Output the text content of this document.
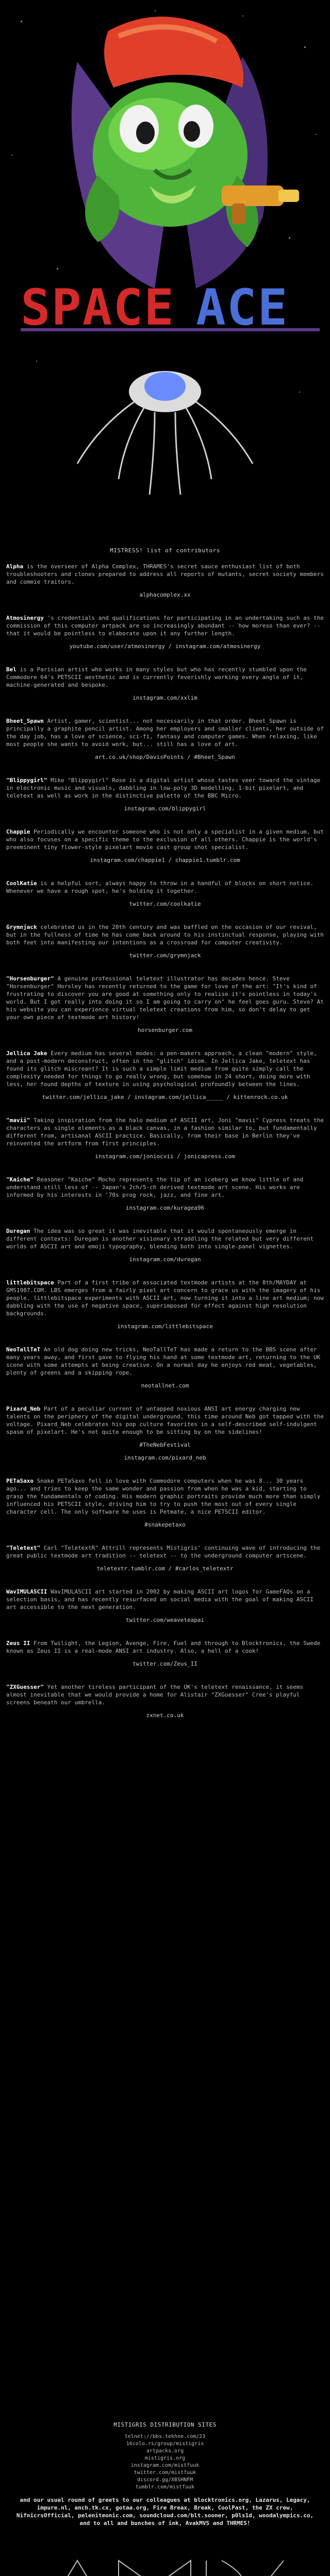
SPACE ACE
MISTRESS! list of contributors

Alpha is the overseer of Alpha Complex, THRAMES's secret sauce enthusiast list of both troubleshooters and clones prepared to address all reports of mutants, secret society members and commie traitors.

alphacomplex.xx

Atmosinergy 's credentials and qualifications for participating in an undertaking such as the commission of this computer artpack are so increasingly abundant -- how moreso than ever? -- that it would be pointless to elaborate upon it any further length.

youtube.com/user/atmosinergy / instagram.com/atmosinergy

Bel is a Parisian artist who works in many styles but who has recently stumbled upon the Commodore 64's PETSCII aesthetic and is currently feverishly working every angle of it, machine-generated and bespoke.

instagram.com/xxlim

Bheet_Spawn Artist, gamer, scientist... not necessarily in that order. Bheet_Spawn is principally a graphite pencil artist. Among her employers and smaller clients, her outside of the day job, has a love of science, sci-fi, fantasy and computer games. When relaxing, like most people she wants to avoid work, but... still has a love of art.

art.co.uk/shop/DavisPoints / #Bheet_Spawn

"Blippygirl" Mike "Blippygirl" Rose is a digital artist whose tastes veer toward the vintage in electronic music and visuals, dabbling in low-poly 3D modelling, 1-bit pixelart, and teletext as well as work in the distinctive palette of the BBC Micro.

instagram.com/blippygirl

Chappie Periodically we encounter someone who is not only a specialist in a given medium, but who also focuses on a specific theme to the exclusion of all others. Chappie is the world's preeminent tiny flower-style pixelart movie cast group shot specialist.

instagram.com/chappie1 / chappie1.tumblr.com

CoolKatie is a helpful sort, always happy to throw in a handful of blocks on short notice. Whenever we have a rough spot, he's holding it together.

twitter.com/coolkatie

Grymnjack celebrated us in the 20th century and was baffled on the occasion of our revival, but in the fullness of time he has come back around to his instinctual response, playing with both feet into manifesting our intentions as a crossroad for computer creativity.

twitter.com/grymnjack

"Horsenburger" A genuine professional teletext illustrator has decades hence. Steve "Horsenburger" Horsley has recently returned to the game for love of the art: "It's kind of frustrating to discover you are good at something only to realise it's pointless in today's world. But I got really into doing it so I am going to carry on" he feel goes guru. Steve? At his website you can experience virtual teletext creations from him, so don't delay to get your own piece of textmode art history!

horsenburger.com

Jellica Jake Every medium has several modes: a pen-makers approach, a clean "modern" style, and a post-modern deconstruct, often in the "glitch" idiom. In Jellica Jake, teletext has found its glitch miscreant? It is such a simple limit medium from quite simply call the complexity needed for things to go really wrong, but somehow in 24 short, doing more with less, her found depths of texture in using psychological profoundly between the lines.

twitter.com/jellica_jake / instagram.com/jellica_____ / kittenrock.co.uk

"mavii" Taking inspiration from the halo medium of ASCII art, Joni "mavii" Cypress treats the characters as single elements as a black canvas, in a fashion similar to, but fundamentally different from, artisanal ASCII practice. Basically, from their base in Berlin they've reinvented the artform from first principles.

instagram.com/joniocvii / jonicapress.com

"Kaiche" Reasoner "Kaiche" Mocho represents the tip of an iceberg we know little of and understand still less of -- Japan's 2ch/5-ch derived textmode art scene. His works are informed by his interests in '70s prog rock, jazz, and fine art.

instagram.com/kuragea96

Duregan The idea was so great it was inevitable that it would spontaneously emerge in different contexts: Duregan is another visionary straddling the related but very different worlds of ASCII art and emoji typography, blending both into single-panel vignettes.

instagram.com/duregan

littlebitspace Part of a first tribe of associated textmode artists at the 8th/MAYDAY at GMS1987.COM. LBS emerges from a fairly pixel art concern to grace us with the imagery of his people. littlebitspace experiments with ASCII art, now turning it into a line art medium; now dabbling with the use of negative space, superimposed for effect against high resolution backgrounds.

instagram.com/littlebitspace

NeoTallTeT An old dog doing new tricks, NeoTallTeT has made a return to the BBS scene after many years away, and first gave to flying his hand at some textmode art, returning to the UK scene with some attempts at being creative. On a normal day he enjoys red meat, vegetables, plenty of greens and a skipping rope.

neotallnet.com

Pixard_Neb Part of a peculiar current of untapped noxious ANSI art energy charging new talents on the periphery of the digital underground, this time around Neb got tapped with the voltage. Pixard_Neb celebrates his pop culture favorites in a self-described self-indulgent spasm of pixelart. He's not quite enough to be sitting by on the sidelines!

#TheNebFestival
instagram.com/pixard_neb

PETaSaxo Snake PETaSaxo fell in love with Commodore computers when he was 8... 30 years ago... and tries to keep the same wonder and passion from when he was a kid, starting to grasp the fundamentals of coding. His modern graphic portraits provide much more than simply influenced his PETSCII style, driving him to try to push the most out of every single character cell. The only software he uses is Petmate, a nice PETSCII editor.

#snakepetaxo

"Teletext" Carl "TeletextR" Attrill represents Mistigris' continuing wave of introducing the great public textmode art tradition -- teletext -- to the underground computer artscene.

teletextr.tumblr.com / #carlos_teletextr

WavIMULASCII WavIMULASCII art started in 2002 by making ASCII art logos for GameFAQs on a selection basis, and has recently resurfaced on social media with the goal of making ASCII art accessible to the next generation.

twitter.com/weaveteapai

Zeus II From Twilight, the Legion, Avenge, Fire, Fuel and through to Blocktronics, the Swede known as Zeus II is a real-mode ANSI art industry. Also, a hell of a cook!

twitter.com/Zeus_II

"ZXGuesser" Yet another tireless participant of the UK's teletext renaissance, it seems almost inevitable that we would provide a home for Alistair "ZXGuesser" Cree's playful screens beneath our umbrella.

zxnet.co.uk
MISTIGRIS DISTRIBUTION SITES
telnet://bbs.tekhne.com/23
16colo.rs/group/mistigris
artpacks.org
mistigris.org
instagram.com/mistfuuk
twitter.com/mistfuuk
discord.gg/XBSHNFM
tumblr.com/mistfuuk
and our usual round of greets to our colleagues at blocktronics.org, Lazarus, Legacy, impure.nl, anch.tk.cx, gotaa.org, Fire Breax, Break, CoolPast, the ZX crew, NifnicrsOfficial, peleniteonic.com, soundcloud.com/blt.sooner, p0ls1d, woodalympics.co, and to all and bunches of ink, AvakMVS and THRMES!
